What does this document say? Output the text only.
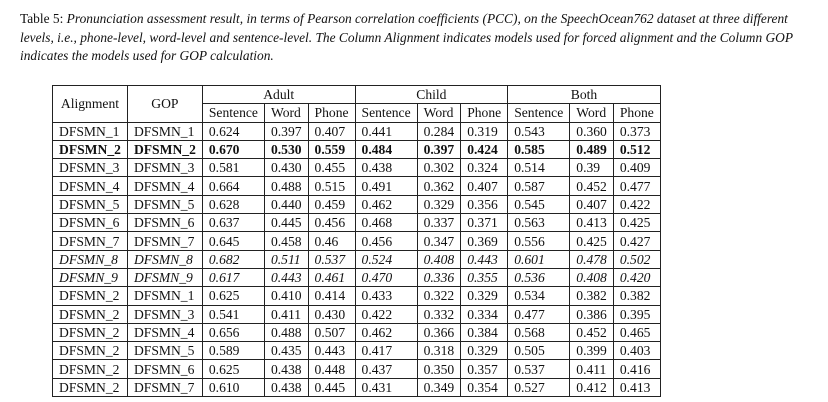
Table 5: Pronunciation assessment result, in terms of Pearson correlation coefficients (PCC), on the SpeechOcean762 dataset at three different levels, i.e., phone-level, word-level and sentence-level. The Column Alignment indicates models used for forced alignment and the Column GOP indicates the models used for GOP calculation.
Alignment	GOP	Adult			Child			Both		
		Sentence	Word	Phone	Sentence	Word	Phone	Sentence	Word	Phone
DFSMN_1	DFSMN_1	0.624	0.397	0.407	0.441	0.284	0.319	0.543	0.360	0.373
DFSMN_2	DFSMN_2	0.670	0.530	0.559	0.484	0.397	0.424	0.585	0.489	0.512
DFSMN_3	DFSMN_3	0.581	0.430	0.455	0.438	0.302	0.324	0.514	0.39	0.409
DFSMN_4	DFSMN_4	0.664	0.488	0.515	0.491	0.362	0.407	0.587	0.452	0.477
DFSMN_5	DFSMN_5	0.628	0.440	0.459	0.462	0.329	0.356	0.545	0.407	0.422
DFSMN_6	DFSMN_6	0.637	0.445	0.456	0.468	0.337	0.371	0.563	0.413	0.425
DFSMN_7	DFSMN_7	0.645	0.458	0.46	0.456	0.347	0.369	0.556	0.425	0.427
DFSMN_8	DFSMN_8	0.682	0.511	0.537	0.524	0.408	0.443	0.601	0.478	0.502
DFSMN_9	DFSMN_9	0.617	0.443	0.461	0.470	0.336	0.355	0.536	0.408	0.420
DFSMN_2	DFSMN_1	0.625	0.410	0.414	0.433	0.322	0.329	0.534	0.382	0.382
DFSMN_2	DFSMN_3	0.541	0.411	0.430	0.422	0.332	0.334	0.477	0.386	0.395
DFSMN_2	DFSMN_4	0.656	0.488	0.507	0.462	0.366	0.384	0.568	0.452	0.465
DFSMN_2	DFSMN_5	0.589	0.435	0.443	0.417	0.318	0.329	0.505	0.399	0.403
DFSMN_2	DFSMN_6	0.625	0.438	0.448	0.437	0.350	0.357	0.537	0.411	0.416
DFSMN_2	DFSMN_7	0.610	0.438	0.445	0.431	0.349	0.354	0.527	0.412	0.413
